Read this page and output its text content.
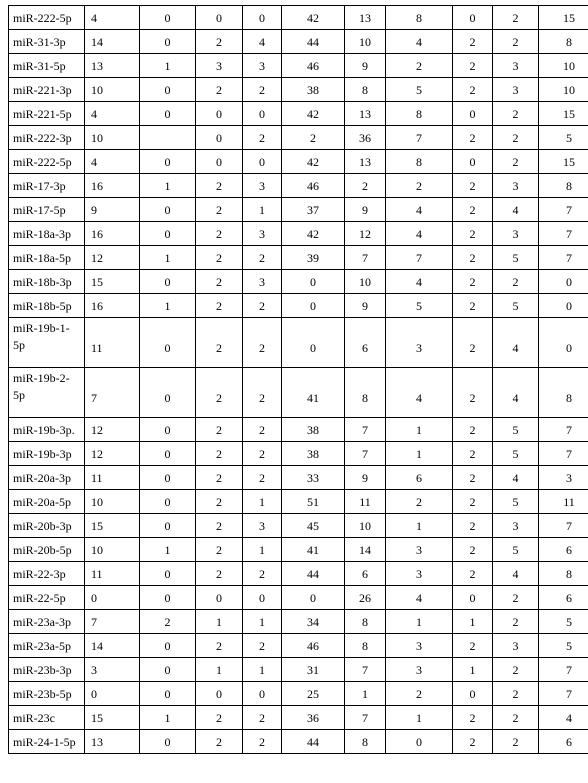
miR-222-5p	4	0	0	0	42	13	8	0	2	15
miR-31-3p	14	0	2	4	44	10	4	2	2	8
miR-31-5p	13	1	3	3	46	9	2	2	3	10
miR-221-3p	10	0	2	2	38	8	5	2	3	10
miR-221-5p	4	0	0	0	42	13	8	0	2	15
miR-222-3p	10		0	2	2	36	7	2	2	5
miR-222-5p	4	0	0	0	42	13	8	0	2	15
miR-17-3p	16	1	2	3	46	2	2	2	3	8
miR-17-5p	9	0	2	1	37	9	4	2	4	7
miR-18a-3p	16	0	2	3	42	12	4	2	3	7
miR-18a-5p	12	1	2	2	39	7	7	2	5	7
miR-18b-3p	15	0	2	3	0	10	4	2	2	0
miR-18b-5p	16	1	2	2	0	9	5	2	5	0
miR-19b-1-5p	11	0	2	2	0	6	3	2	4	0
miR-19b-2-5p	7	0	2	2	41	8	4	2	4	8
miR-19b-3p.	12	0	2	2	38	7	1	2	5	7
miR-19b-3p	12	0	2	2	38	7	1	2	5	7
miR-20a-3p	11	0	2	2	33	9	6	2	4	3
miR-20a-5p	10	0	2	1	51	11	2	2	5	11
miR-20b-3p	15	0	2	3	45	10	1	2	3	7
miR-20b-5p	10	1	2	1	41	14	3	2	5	6
miR-22-3p	11	0	2	2	44	6	3	2	4	8
miR-22-5p	0	0	0	0	0	26	4	0	2	6
miR-23a-3p	7	2	1	1	34	8	1	1	2	5
miR-23a-5p	14	0	2	2	46	8	3	2	3	5
miR-23b-3p	3	0	1	1	31	7	3	1	2	7
miR-23b-5p	0	0	0	0	25	1	2	0	2	7
miR-23c	15	1	2	2	36	7	1	2	2	4
miR-24-1-5p	13	0	2	2	44	8	0	2	2	6
